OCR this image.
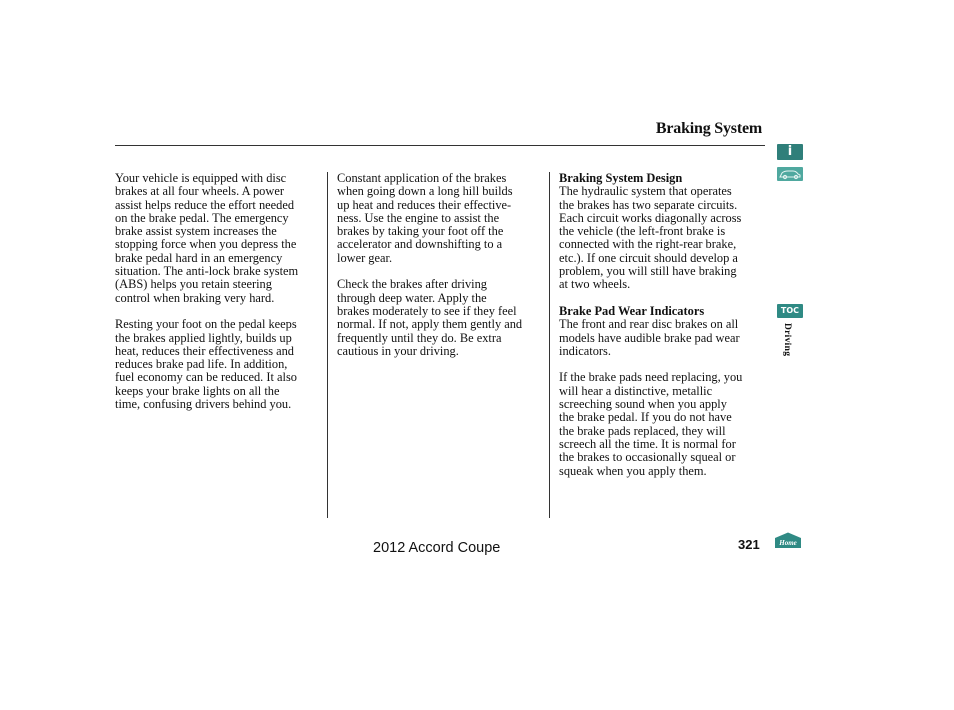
Braking System

Your vehicle is equipped with disc
brakes at all four wheels. A power
assist helps reduce the effort needed
on the brake pedal. The emergency
brake assist system increases the
stopping force when you depress the
brake pedal hard in an emergency
situation. The anti-lock brake system
(ABS) helps you retain steering
control when braking very hard.

Resting your foot on the pedal keeps
the brakes applied lightly, builds up
heat, reduces their effectiveness and
reduces brake pad life. In addition,
fuel economy can be reduced. It also
keeps your brake lights on all the
time, confusing drivers behind you.

Constant application of the brakes
when going down a long hill builds
up heat and reduces their effective-
ness. Use the engine to assist the
brakes by taking your foot off the
accelerator and downshifting to a
lower gear.

Check the brakes after driving
through deep water. Apply the
brakes moderately to see if they feel
normal. If not, apply them gently and
frequently until they do. Be extra
cautious in your driving.

Braking System Design

The hydraulic system that operates
the brakes has two separate circuits.
Each circuit works diagonally across
the vehicle (the left-front brake is
connected with the right-rear brake,
etc.). If one circuit should develop a
problem, you will still have braking
at two wheels.

Brake Pad Wear Indicators

The front and rear disc brakes on all
models have audible brake pad wear
indicators.

If the brake pads need replacing, you
will hear a distinctive, metallic
screeching sound when you apply
the brake pedal. If you do not have
the brake pads replaced, they will
screech all the time. It is normal for
the brakes to occasionally squeal or
squeak when you apply them.

i
TOC
Driving
2012 Accord Coupe	321	Home
